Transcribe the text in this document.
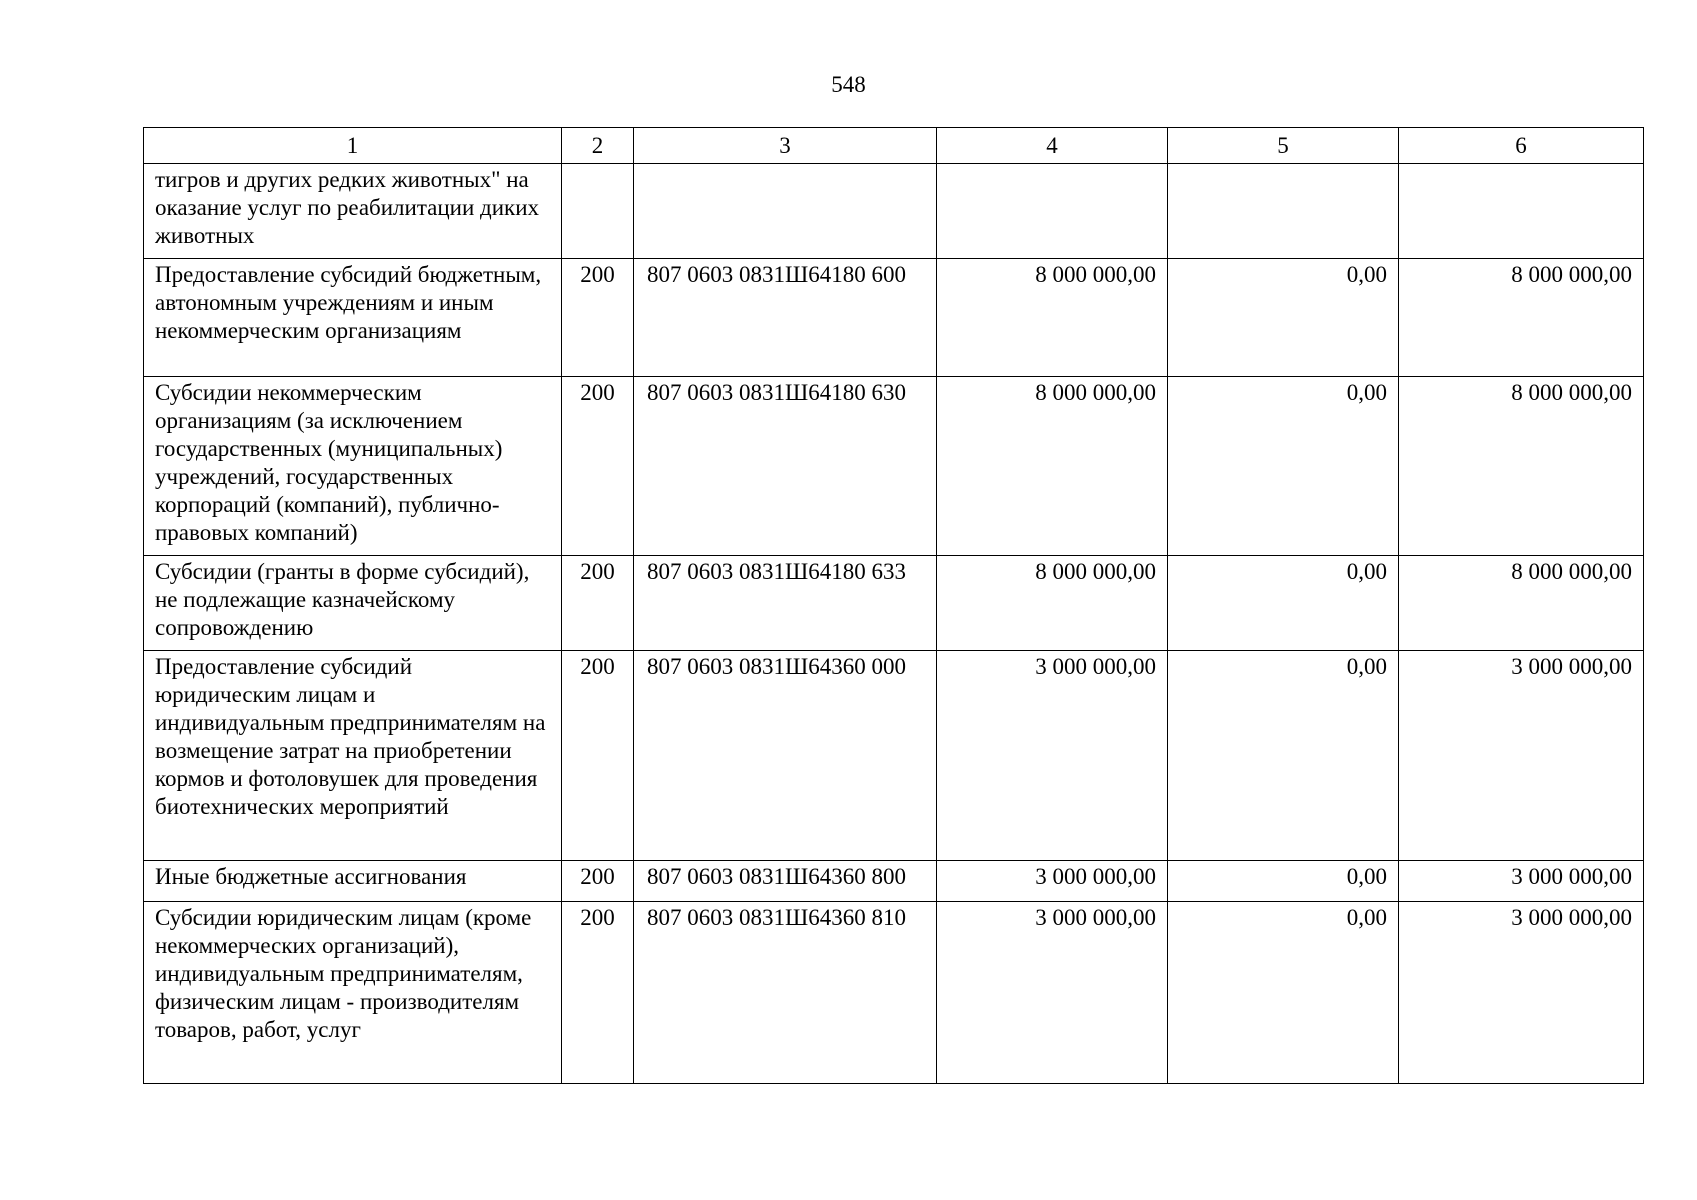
548
1	2	3	4	5	6
тигров и других редких животных" на оказание услуг по реабилитации диких животных					
Предоставление субсидий бюджетным, автономным учреждениям и иным некоммерческим организациям	200	807 0603 0831Ш64180 600	8 000 000,00	0,00	8 000 000,00
Субсидии некоммерческим организациям (за исключением государственных (муниципальных) учреждений, государственных корпораций (компаний), публично-правовых компаний)	200	807 0603 0831Ш64180 630	8 000 000,00	0,00	8 000 000,00
Субсидии (гранты в форме субсидий), не подлежащие казначейскому сопровождению	200	807 0603 0831Ш64180 633	8 000 000,00	0,00	8 000 000,00
Предоставление субсидий юридическим лицам и индивидуальным предпринимателям на возмещение затрат на приобретении кормов и фотоловушек для проведения биотехнических мероприятий	200	807 0603 0831Ш64360 000	3 000 000,00	0,00	3 000 000,00
Иные бюджетные ассигнования	200	807 0603 0831Ш64360 800	3 000 000,00	0,00	3 000 000,00
Субсидии юридическим лицам (кроме некоммерческих организаций), индивидуальным предпринимателям, физическим лицам - производителям товаров, работ, услуг	200	807 0603 0831Ш64360 810	3 000 000,00	0,00	3 000 000,00
